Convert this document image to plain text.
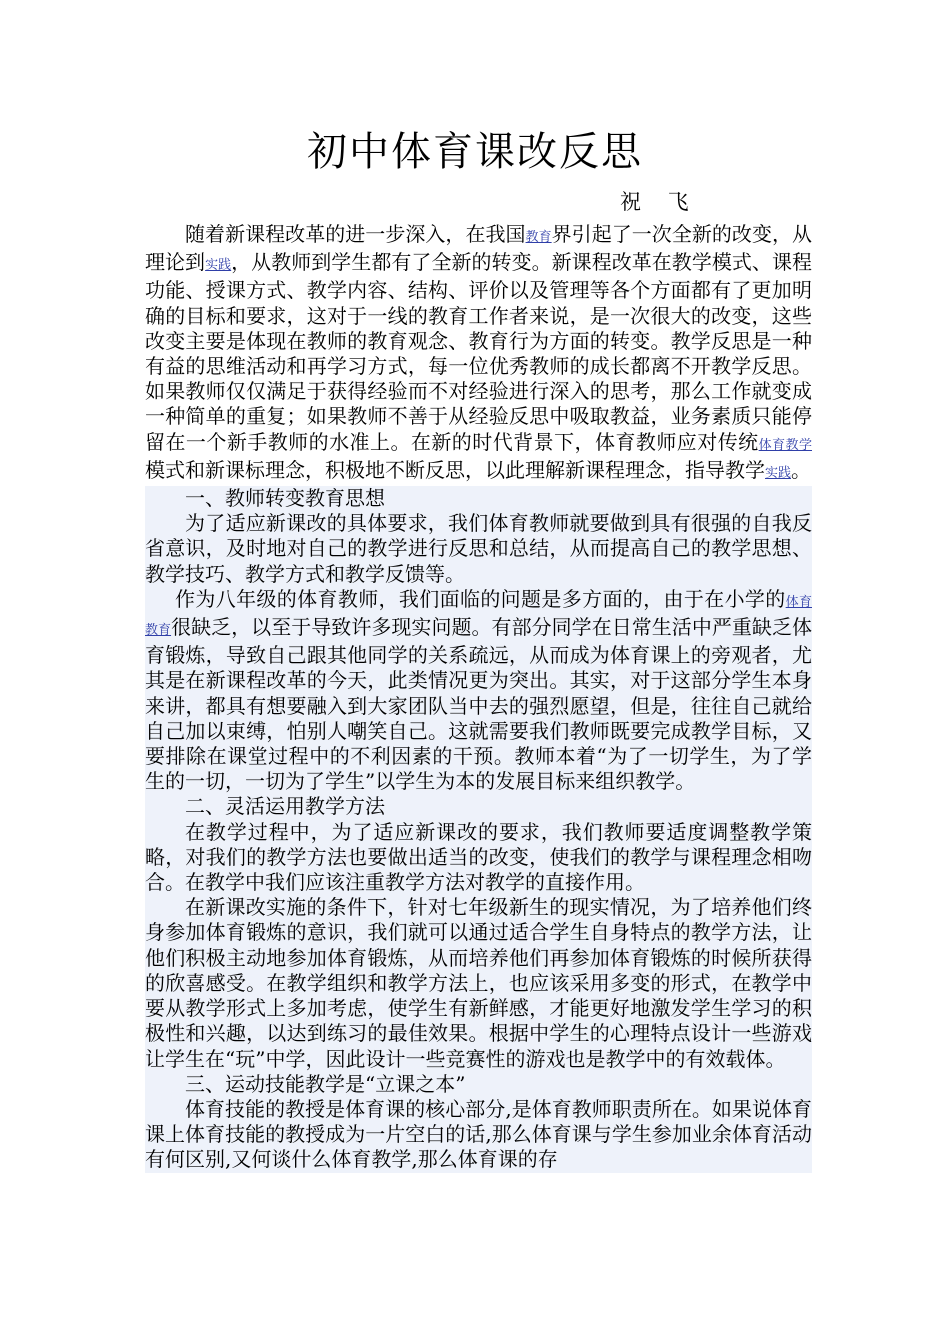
初中体育课改反思
祝 飞

随着新课程改革的进一步深入，在我国教育界引起了一次全新的改变，从理论到实践，从教师到学生都有了全新的转变。新课程改革在教学模式、课程功能、授课方式、教学内容、结构、评价以及管理等各个方面都有了更加明确的目标和要求，这对于一线的教育工作者来说，是一次很大的改变，这些改变主要是体现在教师的教育观念、教育行为方面的转变。教学反思是一种有益的思维活动和再学习方式，每一位优秀教师的成长都离不开教学反思。如果教师仅仅满足于获得经验而不对经验进行深入的思考，那么工作就变成一种简单的重复；如果教师不善于从经验反思中吸取教益，业务素质只能停留在一个新手教师的水准上。在新的时代背景下，体育教师应对传统体育教学模式和新课标理念，积极地不断反思，以此理解新课程理念，指导教学实践。

一、教师转变教育思想

为了适应新课改的具体要求，我们体育教师就要做到具有很强的自我反省意识，及时地对自己的教学进行反思和总结，从而提高自己的教学思想、教学技巧、教学方式和教学反馈等。

作为八年级的体育教师，我们面临的问题是多方面的，由于在小学的体育教育很缺乏，以至于导致许多现实问题。有部分同学在日常生活中严重缺乏体育锻炼，导致自己跟其他同学的关系疏远，从而成为体育课上的旁观者，尤其是在新课程改革的今天，此类情况更为突出。其实，对于这部分学生本身来讲，都具有想要融入到大家团队当中去的强烈愿望，但是，往往自己就给自己加以束缚，怕别人嘲笑自己。这就需要我们教师既要完成教学目标，又要排除在课堂过程中的不利因素的干预。教师本着“为了一切学生，为了学生的一切，一切为了学生”以学生为本的发展目标来组织教学。

二、灵活运用教学方法

在教学过程中，为了适应新课改的要求，我们教师要适度调整教学策略，对我们的教学方法也要做出适当的改变，使我们的教学与课程理念相吻合。在教学中我们应该注重教学方法对教学的直接作用。

在新课改实施的条件下，针对七年级新生的现实情况，为了培养他们终身参加体育锻炼的意识，我们就可以通过适合学生自身特点的教学方法，让他们积极主动地参加体育锻炼，从而培养他们再参加体育锻炼的时候所获得的欣喜感受。在教学组织和教学方法上，也应该采用多变的形式，在教学中要从教学形式上多加考虑，使学生有新鲜感，才能更好地激发学生学习的积极性和兴趣，以达到练习的最佳效果。根据中学生的心理特点设计一些游戏让学生在“玩”中学，因此设计一些竞赛性的游戏也是教学中的有效载体。

三、运动技能教学是“立课之本”

体育技能的教授是体育课的核心部分,是体育教师职责所在。如果说体育课上体育技能的教授成为一片空白的话,那么体育课与学生参加业余体育活动有何区别,又何谈什么体育教学,那么体育课的存
